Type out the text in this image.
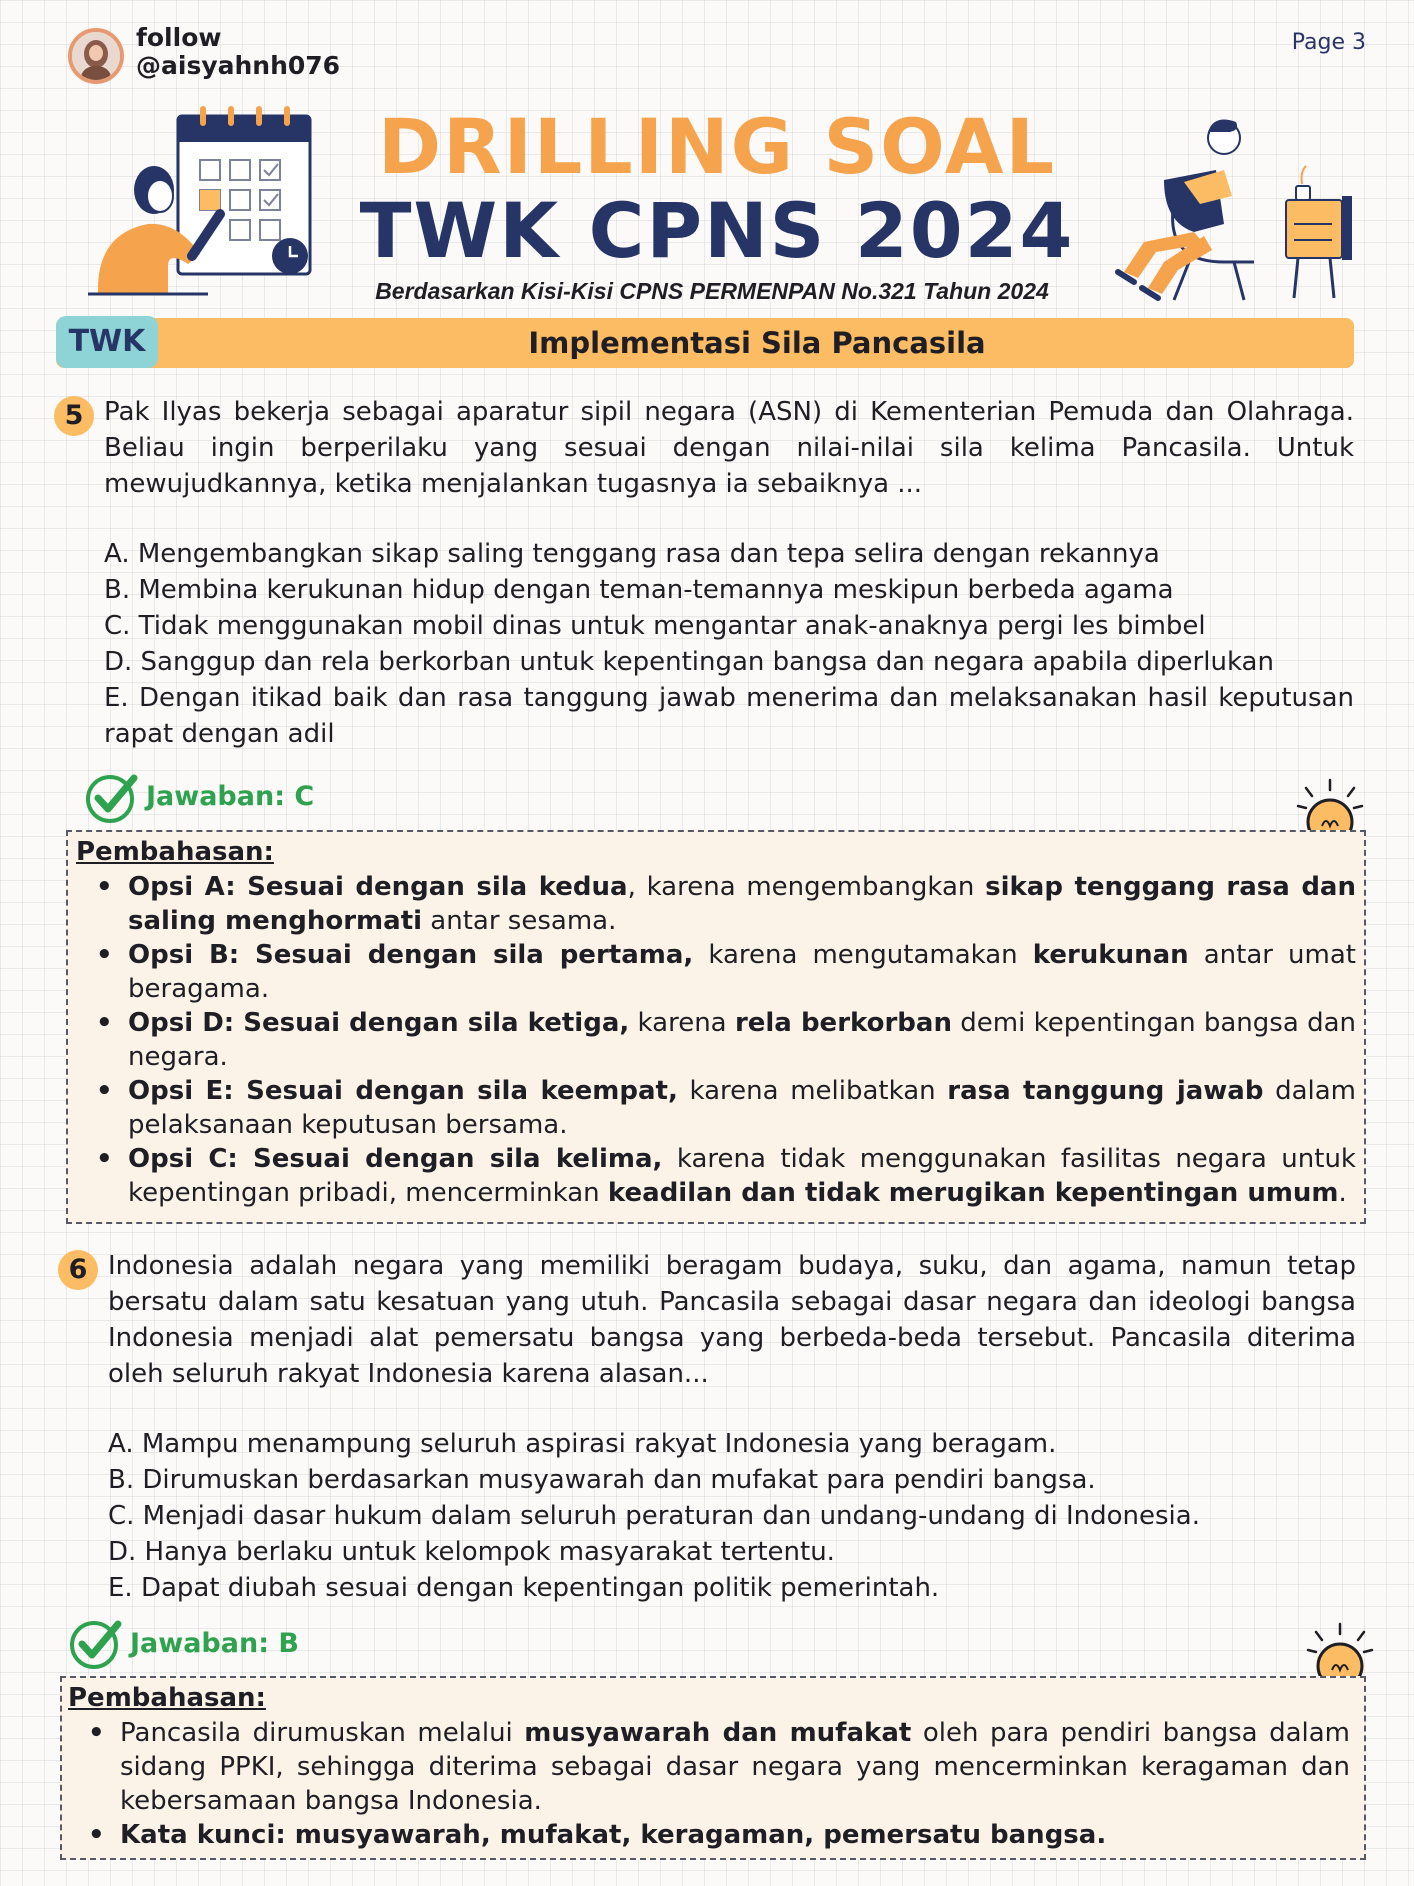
follow
@aisyahnh076
Page 3
DRILLING SOAL
TWK CPNS 2024
Berdasarkan Kisi-Kisi CPNS PERMENPAN No.321 Tahun 2024
TWK	Implementasi Sila Pancasila
5 Pak Ilyas bekerja sebagai aparatur sipil negara (ASN) di Kementerian Pemuda dan Olahraga. Beliau ingin berperilaku yang sesuai dengan nilai-nilai sila kelima Pancasila. Untuk mewujudkannya, ketika menjalankan tugasnya ia sebaiknya ...

A. Mengembangkan sikap saling tenggang rasa dan tepa selira dengan rekannya

B. Membina kerukunan hidup dengan teman-temannya meskipun berbeda agama

C. Tidak menggunakan mobil dinas untuk mengantar anak-anaknya pergi les bimbel

D. Sanggup dan rela berkorban untuk kepentingan bangsa dan negara apabila diperlukan

E. Dengan itikad baik dan rasa tanggung jawab menerima dan melaksanakan hasil keputusan rapat dengan adil

Jawaban: C

Pembahasan:

• Opsi A: Sesuai dengan sila kedua, karena mengembangkan sikap tenggang rasa dan saling menghormati antar sesama.
• Opsi B: Sesuai dengan sila pertama, karena mengutamakan kerukunan antar umat beragama.
• Opsi D: Sesuai dengan sila ketiga, karena rela berkorban demi kepentingan bangsa dan negara.
• Opsi E: Sesuai dengan sila keempat, karena melibatkan rasa tanggung jawab dalam pelaksanaan keputusan bersama.
• Opsi C: Sesuai dengan sila kelima, karena tidak menggunakan fasilitas negara untuk kepentingan pribadi, mencerminkan keadilan dan tidak merugikan kepentingan umum.
6 Indonesia adalah negara yang memiliki beragam budaya, suku, dan agama, namun tetap bersatu dalam satu kesatuan yang utuh. Pancasila sebagai dasar negara dan ideologi bangsa Indonesia menjadi alat pemersatu bangsa yang berbeda-beda tersebut. Pancasila diterima oleh seluruh rakyat Indonesia karena alasan...

A. Mampu menampung seluruh aspirasi rakyat Indonesia yang beragam.

B. Dirumuskan berdasarkan musyawarah dan mufakat para pendiri bangsa.

C. Menjadi dasar hukum dalam seluruh peraturan dan undang-undang di Indonesia.

D. Hanya berlaku untuk kelompok masyarakat tertentu.

E. Dapat diubah sesuai dengan kepentingan politik pemerintah.

Jawaban: B

Pembahasan:

• Pancasila dirumuskan melalui musyawarah dan mufakat oleh para pendiri bangsa dalam sidang PPKI, sehingga diterima sebagai dasar negara yang mencerminkan keragaman dan kebersamaan bangsa Indonesia.
• Kata kunci: musyawarah, mufakat, keragaman, pemersatu bangsa.
